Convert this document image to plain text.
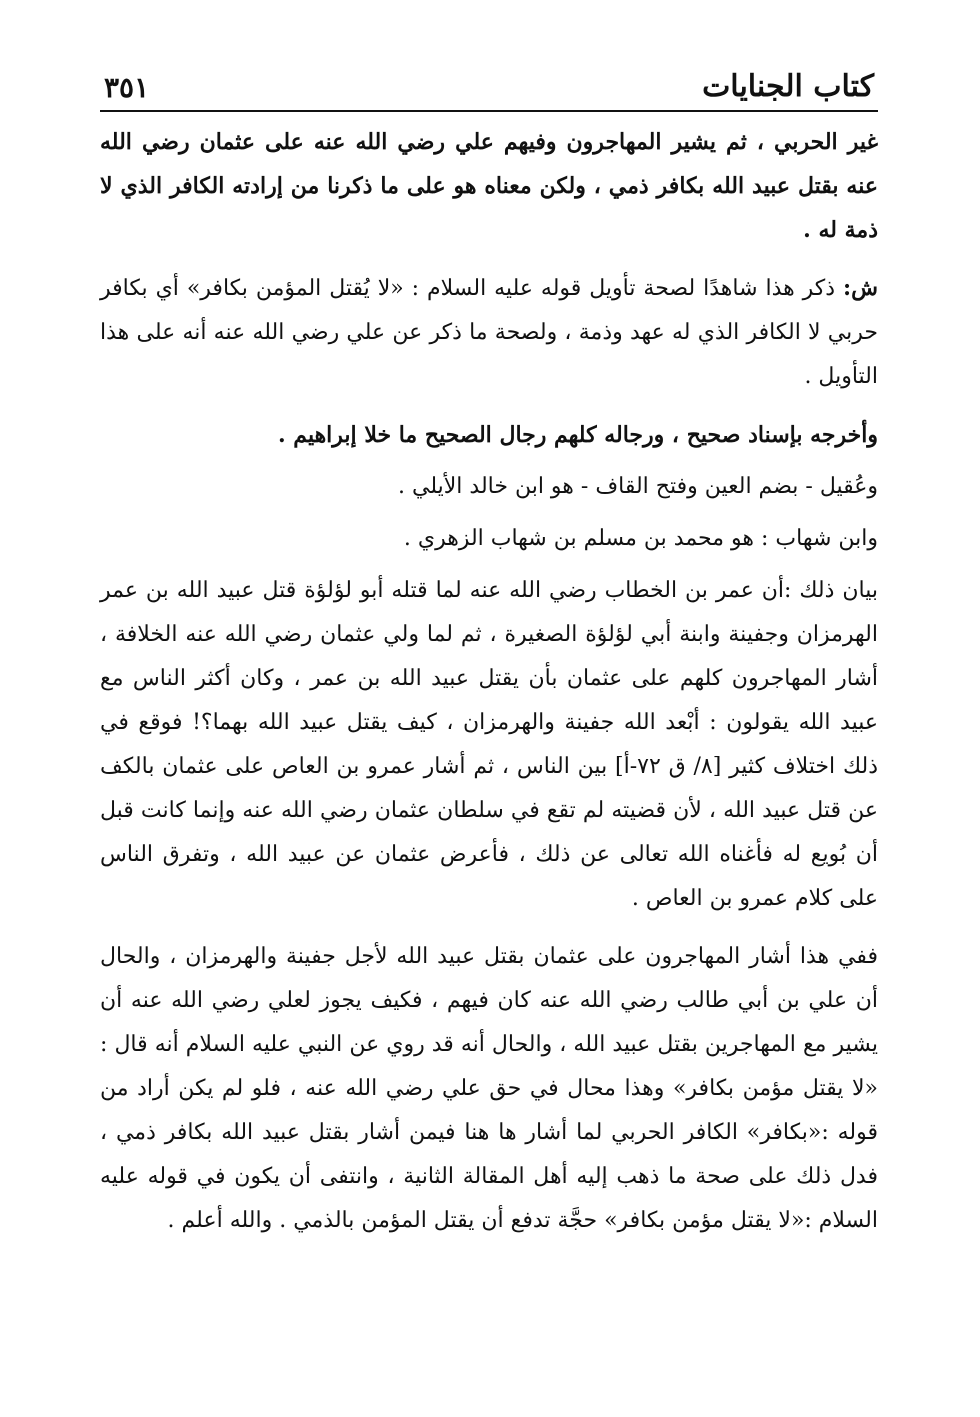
كتاب الجنايات
٣٥١

غير الحربي ، ثم يشير المهاجرون وفيهم علي رضي الله عنه على عثمان رضي الله عنه بقتل عبيد الله بكافر ذمي ، ولكن معناه هو على ما ذكرنا من إرادته الكافر الذي لا ذمة له .

ش: ذكر هذا شاهدًا لصحة تأويل قوله عليه السلام : «لا يُقتل المؤمن بكافر» أي بكافر حربي لا الكافر الذي له عهد وذمة ، ولصحة ما ذكر عن علي رضي الله عنه أنه على هذا التأويل .

وأخرجه بإسناد صحيح ، ورجاله كلهم رجال الصحيح ما خلا إبراهيم .

وعُقيل - بضم العين وفتح القاف - هو ابن خالد الأيلي .

وابن شهاب : هو محمد بن مسلم بن شهاب الزهري .

بيان ذلك :أن عمر بن الخطاب رضي الله عنه لما قتله أبو لؤلؤة قتل عبيد الله بن عمر الهرمزان وجفينة وابنة أبي لؤلؤة الصغيرة ، ثم لما ولي عثمان رضي الله عنه الخلافة ، أشار المهاجرون كلهم على عثمان بأن يقتل عبيد الله بن عمر ، وكان أكثر الناس مع عبيد الله يقولون : أبْعد الله جفينة والهرمزان ، كيف يقتل عبيد الله بهما؟! فوقع في ذلك اختلاف كثير [٨/ ق ٧٢-أ] بين الناس ، ثم أشار عمرو بن العاص على عثمان بالكف عن قتل عبيد الله ، لأن قضيته لم تقع في سلطان عثمان رضي الله عنه وإنما كانت قبل أن بُويع له فأغناه الله تعالى عن ذلك ، فأعرض عثمان عن عبيد الله ، وتفرق الناس على كلام عمرو بن العاص .

ففي هذا أشار المهاجرون على عثمان بقتل عبيد الله لأجل جفينة والهرمزان ، والحال أن علي بن أبي طالب رضي الله عنه كان فيهم ، فكيف يجوز لعلي رضي الله عنه أن يشير مع المهاجرين بقتل عبيد الله ، والحال أنه قد روي عن النبي عليه السلام أنه قال : «لا يقتل مؤمن بكافر» وهذا محال في حق علي رضي الله عنه ، فلو لم يكن أراد من قوله :«بكافر» الكافر الحربي لما أشار ها هنا فيمن أشار بقتل عبيد الله بكافر ذمي ، فدل ذلك على صحة ما ذهب إليه أهل المقالة الثانية ، وانتفى أن يكون في قوله عليه السلام :«لا يقتل مؤمن بكافر» حجَّة تدفع أن يقتل المؤمن بالذمي . والله أعلم .
